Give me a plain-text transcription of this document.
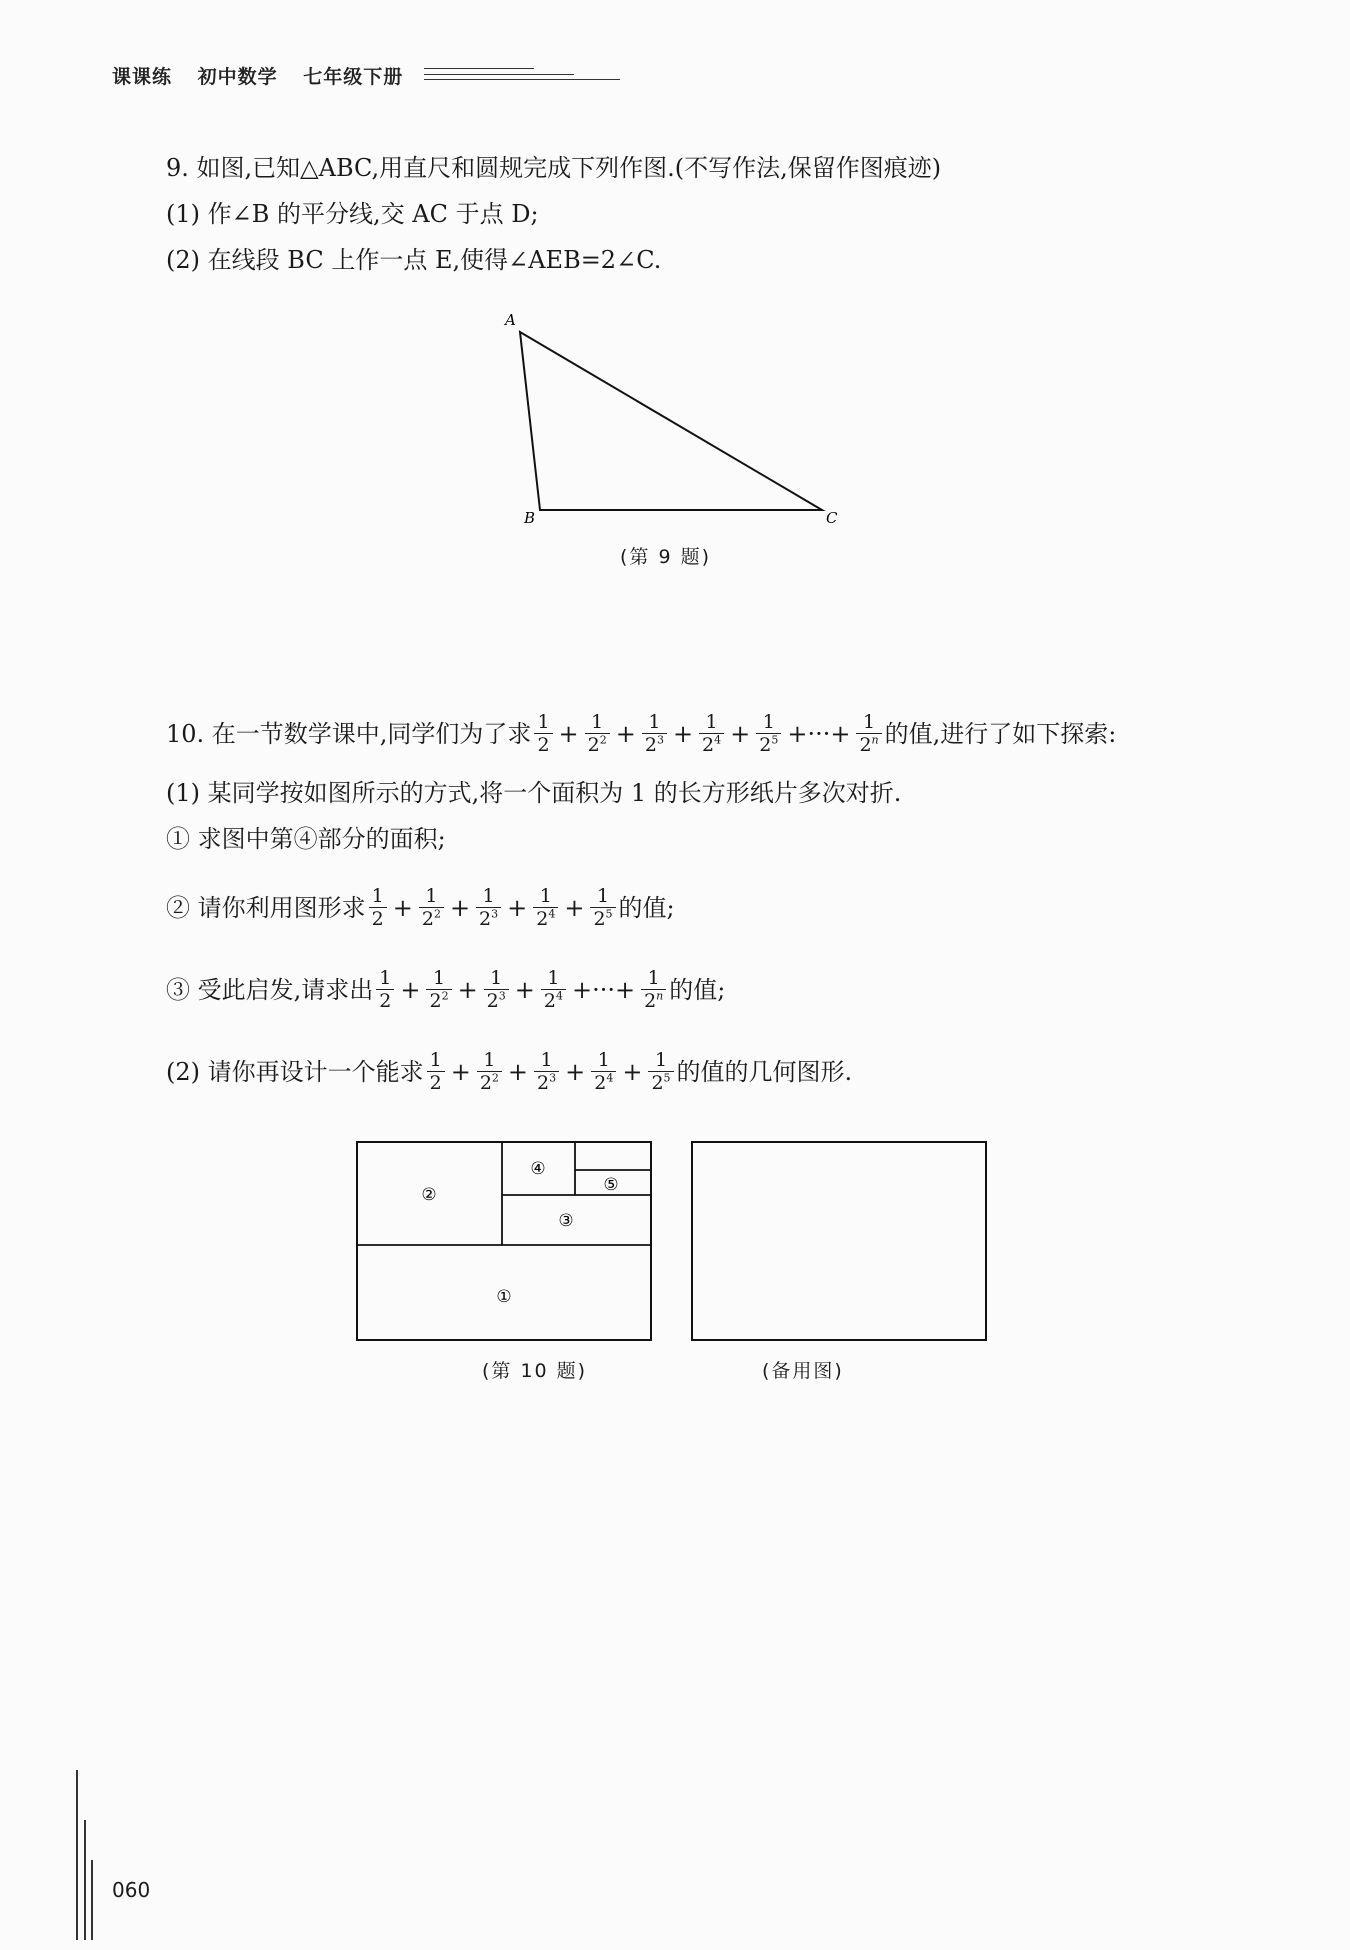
课课练 初中数学 七年级下册
9. 如图,已知△ABC,用直尺和圆规完成下列作图.(不写作法,保留作图痕迹)
(1) 作∠B 的平分线,交 AC 于点 D;
(2) 在线段 BC 上作一点 E,使得∠AEB=2∠C.
A
B	C
(第 9 题)
10. 在一节数学课中,同学们为了求 $\frac{1}{2} + \frac{1}{2^2} + \frac{1}{2^3} + \frac{1}{2^4} + \frac{1}{2^5}$ +···+ $\frac{1}{2^n}$ 的值,进行了如下探索:
(1) 某同学按如图所示的方式,将一个面积为 1 的长方形纸片多次对折.
① 求图中第④部分的面积;
② 请你利用图形求 $\frac{1}{2} + \frac{1}{2^2} + \frac{1}{2^3} + \frac{1}{2^4} + \frac{1}{2^5}$ 的值;
③ 受此启发,请求出 $\frac{1}{2} + \frac{1}{2^2} + \frac{1}{2^3} + \frac{1}{2^4}$ +···+ $\frac{1}{2^n}$ 的值;
(2) 请你再设计一个能求 $\frac{1}{2} + \frac{1}{2^2} + \frac{1}{2^3} + \frac{1}{2^4} + \frac{1}{2^5}$ 的值的几何图形.
①
②
③
④
⑤
(第 10 题)	(备用图)
060
